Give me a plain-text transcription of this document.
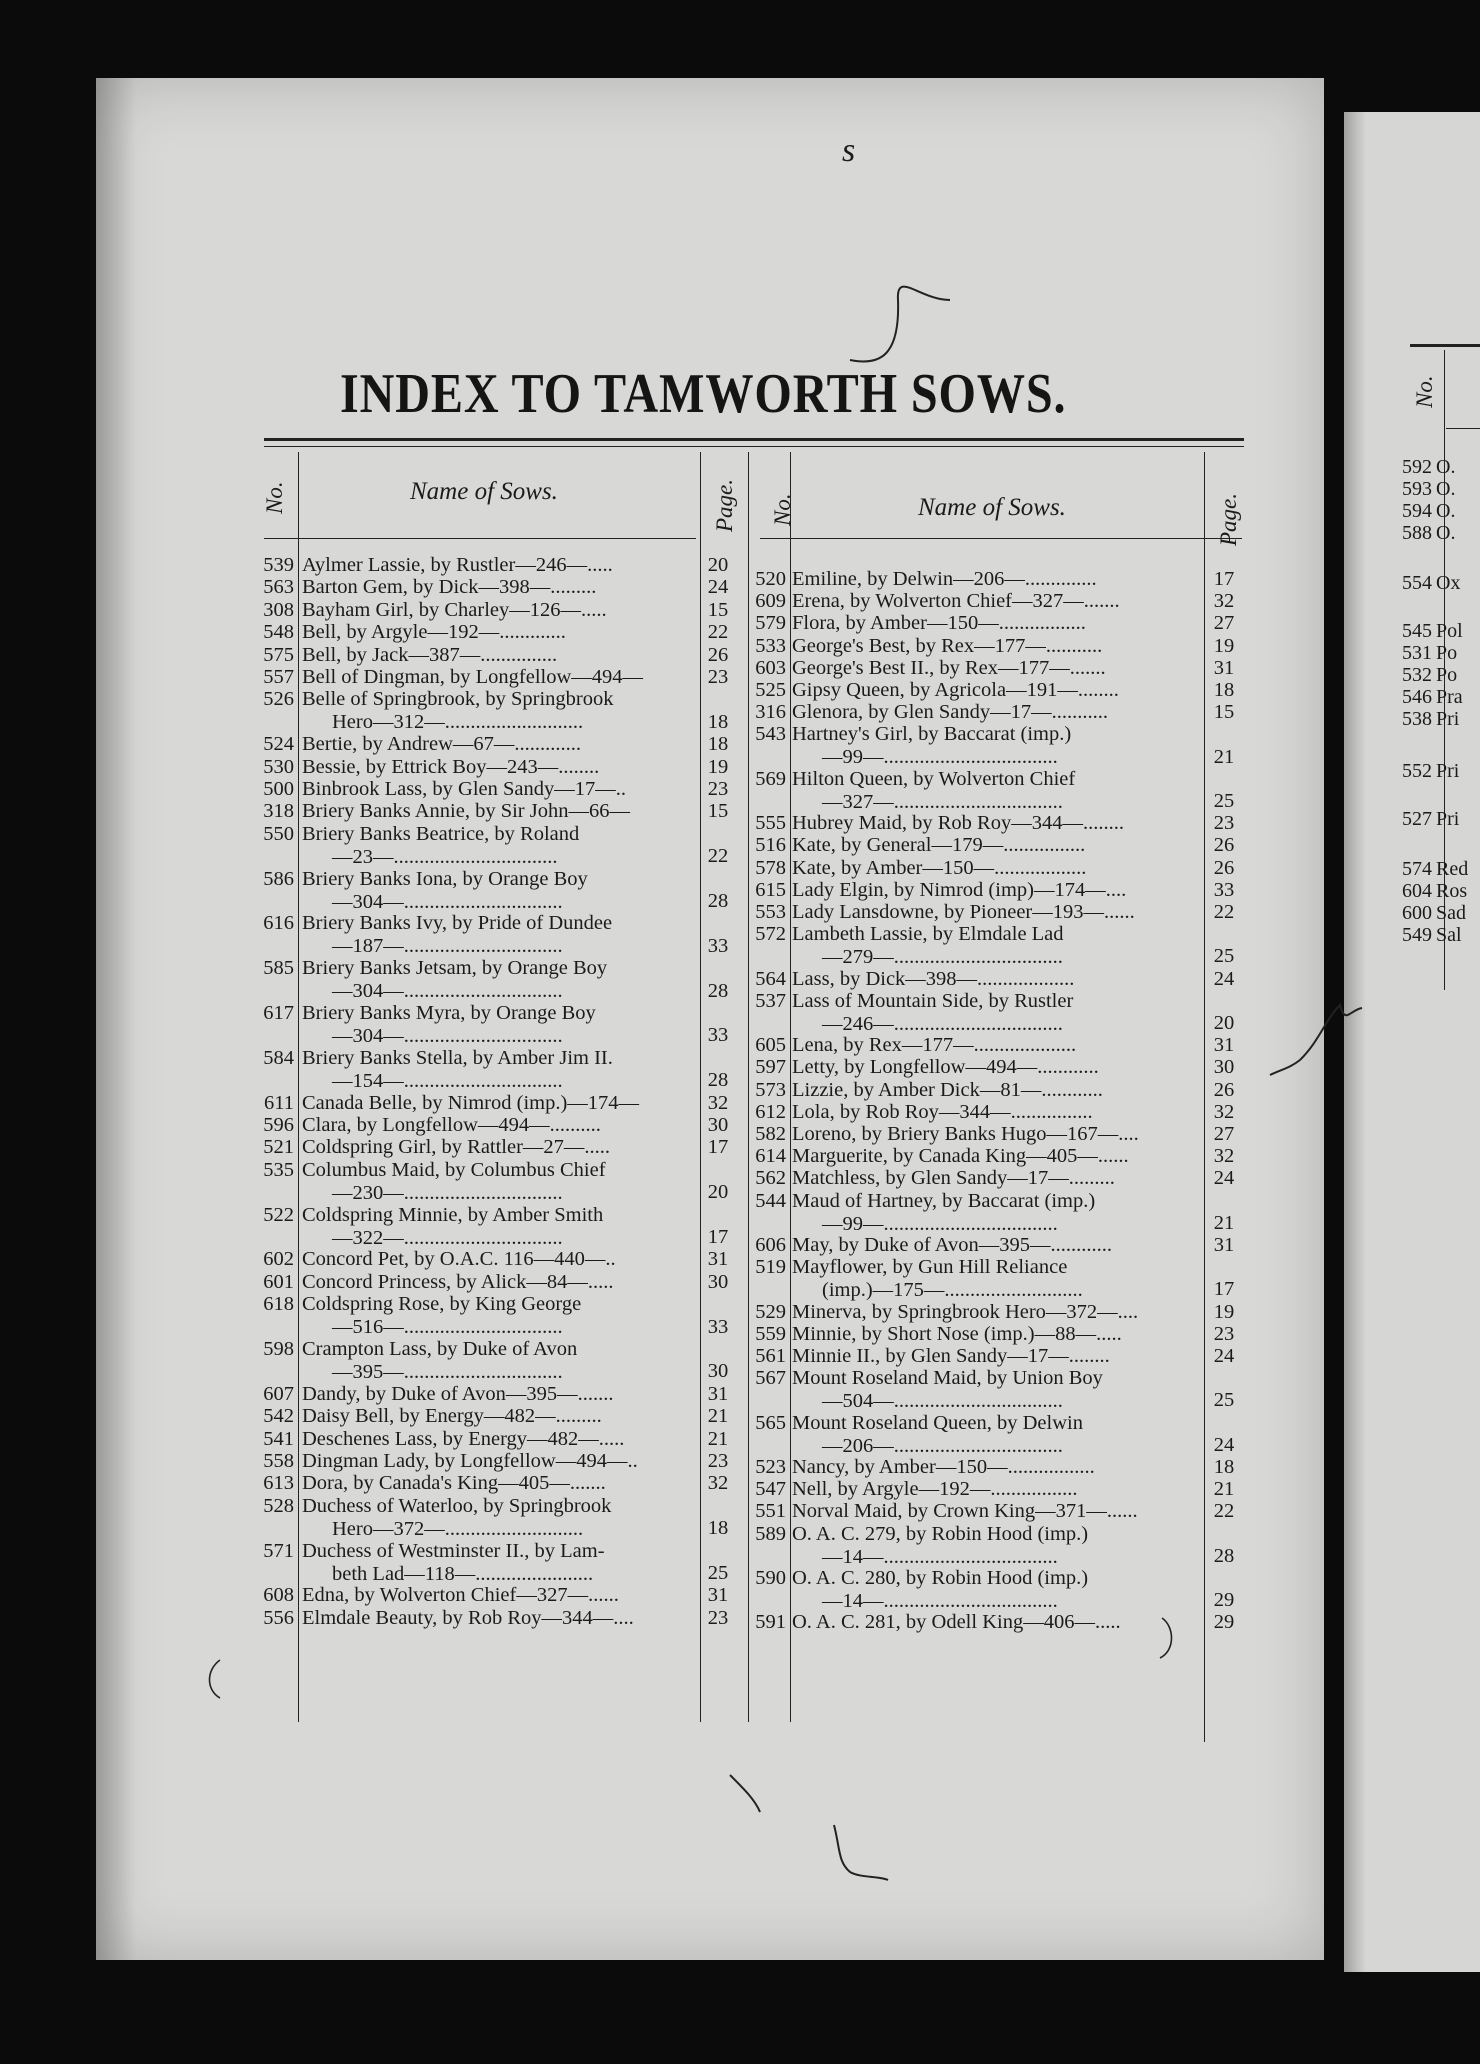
s
INDEX TO TAMWORTH SOWS.
No.	Name of Sows.	Page. No.	Name of Sows.	Page.
539 Aylmer Lassie, by Rustler—246—.....	20
563 Barton Gem, by Dick—398—.........	24
308 Bayham Girl, by Charley—126—.....	15
548 Bell, by Argyle—192—.............	22
575 Bell, by Jack—387—...............	26
557 Bell of Dingman, by Longfellow—494—	23
526 Belle of Springbrook, by Springbrook
Hero—312—...........................	18
524 Bertie, by Andrew—67—.............	18
530 Bessie, by Ettrick Boy—243—........	19
500 Binbrook Lass, by Glen Sandy—17—..	23
318 Briery Banks Annie, by Sir John—66—	15
550 Briery Banks Beatrice, by Roland
—23—................................	22
586 Briery Banks Iona, by Orange Boy
—304—...............................	28
616 Briery Banks Ivy, by Pride of Dundee
—187—...............................	33
585 Briery Banks Jetsam, by Orange Boy
—304—...............................	28
617 Briery Banks Myra, by Orange Boy
—304—...............................	33
584 Briery Banks Stella, by Amber Jim II.
—154—...............................	28
611 Canada Belle, by Nimrod (imp.)—174—	32
596 Clara, by Longfellow—494—..........	30
521 Coldspring Girl, by Rattler—27—.....	17
535 Columbus Maid, by Columbus Chief
—230—...............................	20
522 Coldspring Minnie, by Amber Smith
—322—...............................	17
602 Concord Pet, by O.A.C. 116—440—..	31
601 Concord Princess, by Alick—84—.....	30
618 Coldspring Rose, by King George
—516—...............................	33
598 Crampton Lass, by Duke of Avon
—395—...............................	30
607 Dandy, by Duke of Avon—395—.......	31
542 Daisy Bell, by Energy—482—.........	21
541 Deschenes Lass, by Energy—482—.....	21
558 Dingman Lady, by Longfellow—494—..	23
613 Dora, by Canada's King—405—.......	32
528 Duchess of Waterloo, by Springbrook
Hero—372—...........................	18
571 Duchess of Westminster II., by Lam-
beth Lad—118—.......................	25
608 Edna, by Wolverton Chief—327—......	31
556 Elmdale Beauty, by Rob Roy—344—....	23
520 Emiline, by Delwin—206—..............	17
609 Erena, by Wolverton Chief—327—.......	32
579 Flora, by Amber—150—.................	27
533 George's Best, by Rex—177—...........	19
603 George's Best II., by Rex—177—.......	31
525 Gipsy Queen, by Agricola—191—........	18
316 Glenora, by Glen Sandy—17—...........	15
543 Hartney's Girl, by Baccarat (imp.)
—99—..................................	21
569 Hilton Queen, by Wolverton Chief
—327—.................................	25
555 Hubrey Maid, by Rob Roy—344—........	23
516 Kate, by General—179—................	26
578 Kate, by Amber—150—..................	26
615 Lady Elgin, by Nimrod (imp)—174—....	33
553 Lady Lansdowne, by Pioneer—193—......	22
572 Lambeth Lassie, by Elmdale Lad
—279—.................................	25
564 Lass, by Dick—398—...................	24
537 Lass of Mountain Side, by Rustler
—246—.................................	20
605 Lena, by Rex—177—....................	31
597 Letty, by Longfellow—494—............	30
573 Lizzie, by Amber Dick—81—............	26
612 Lola, by Rob Roy—344—................	32
582 Loreno, by Briery Banks Hugo—167—....	27
614 Marguerite, by Canada King—405—......	32
562 Matchless, by Glen Sandy—17—.........	24
544 Maud of Hartney, by Baccarat (imp.)
—99—..................................	21
606 May, by Duke of Avon—395—............	31
519 Mayflower, by Gun Hill Reliance
(imp.)—175—...........................	17
529 Minerva, by Springbrook Hero—372—....	19
559 Minnie, by Short Nose (imp.)—88—.....	23
561 Minnie II., by Glen Sandy—17—........	24
567 Mount Roseland Maid, by Union Boy
—504—.................................	25
565 Mount Roseland Queen, by Delwin
—206—.................................	24
523 Nancy, by Amber—150—.................	18
547 Nell, by Argyle—192—.................	21
551 Norval Maid, by Crown King—371—......	22
589 O. A. C. 279, by Robin Hood (imp.)
—14—..................................	28
590 O. A. C. 280, by Robin Hood (imp.)
—14—..................................	29
591 O. A. C. 281, by Odell King—406—.....	29
No.
592 O.
593 O.
594 O.
588 O.
554 Ox
545 Pol
531 Po
532 Po
546 Pra
538 Pri
552 Pri
527 Pri
574 Red
604 Ros
600 Sad
549 Sal
